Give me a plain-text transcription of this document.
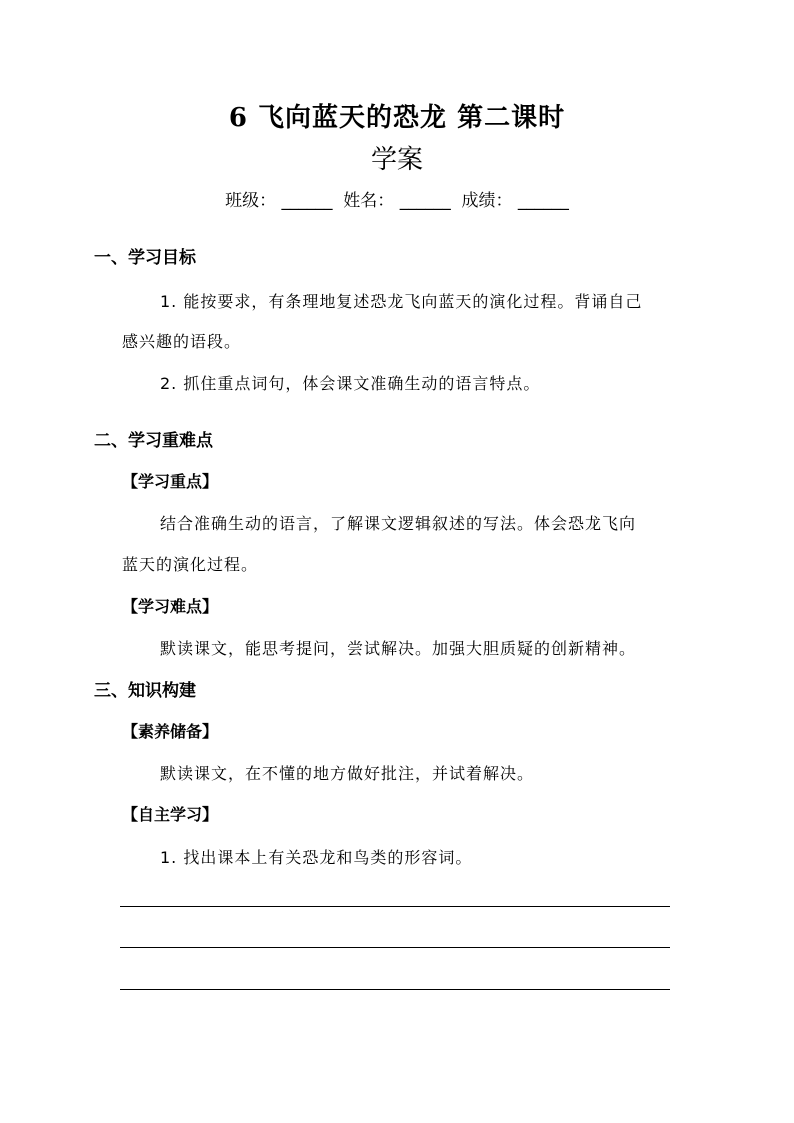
6 飞向蓝天的恐龙 第二课时
学案
班级： ______ 姓名： ______ 成绩： ______
一、学习目标
1. 能按要求，有条理地复述恐龙飞向蓝天的演化过程。背诵自己
感兴趣的语段。
2. 抓住重点词句，体会课文准确生动的语言特点。
二、学习重难点
【学习重点】
结合准确生动的语言，了解课文逻辑叙述的写法。体会恐龙飞向
蓝天的演化过程。
【学习难点】
默读课文，能思考提问，尝试解决。加强大胆质疑的创新精神。
三、知识构建
【素养储备】
默读课文，在不懂的地方做好批注，并试着解决。
【自主学习】
1. 找出课本上有关恐龙和鸟类的形容词。
